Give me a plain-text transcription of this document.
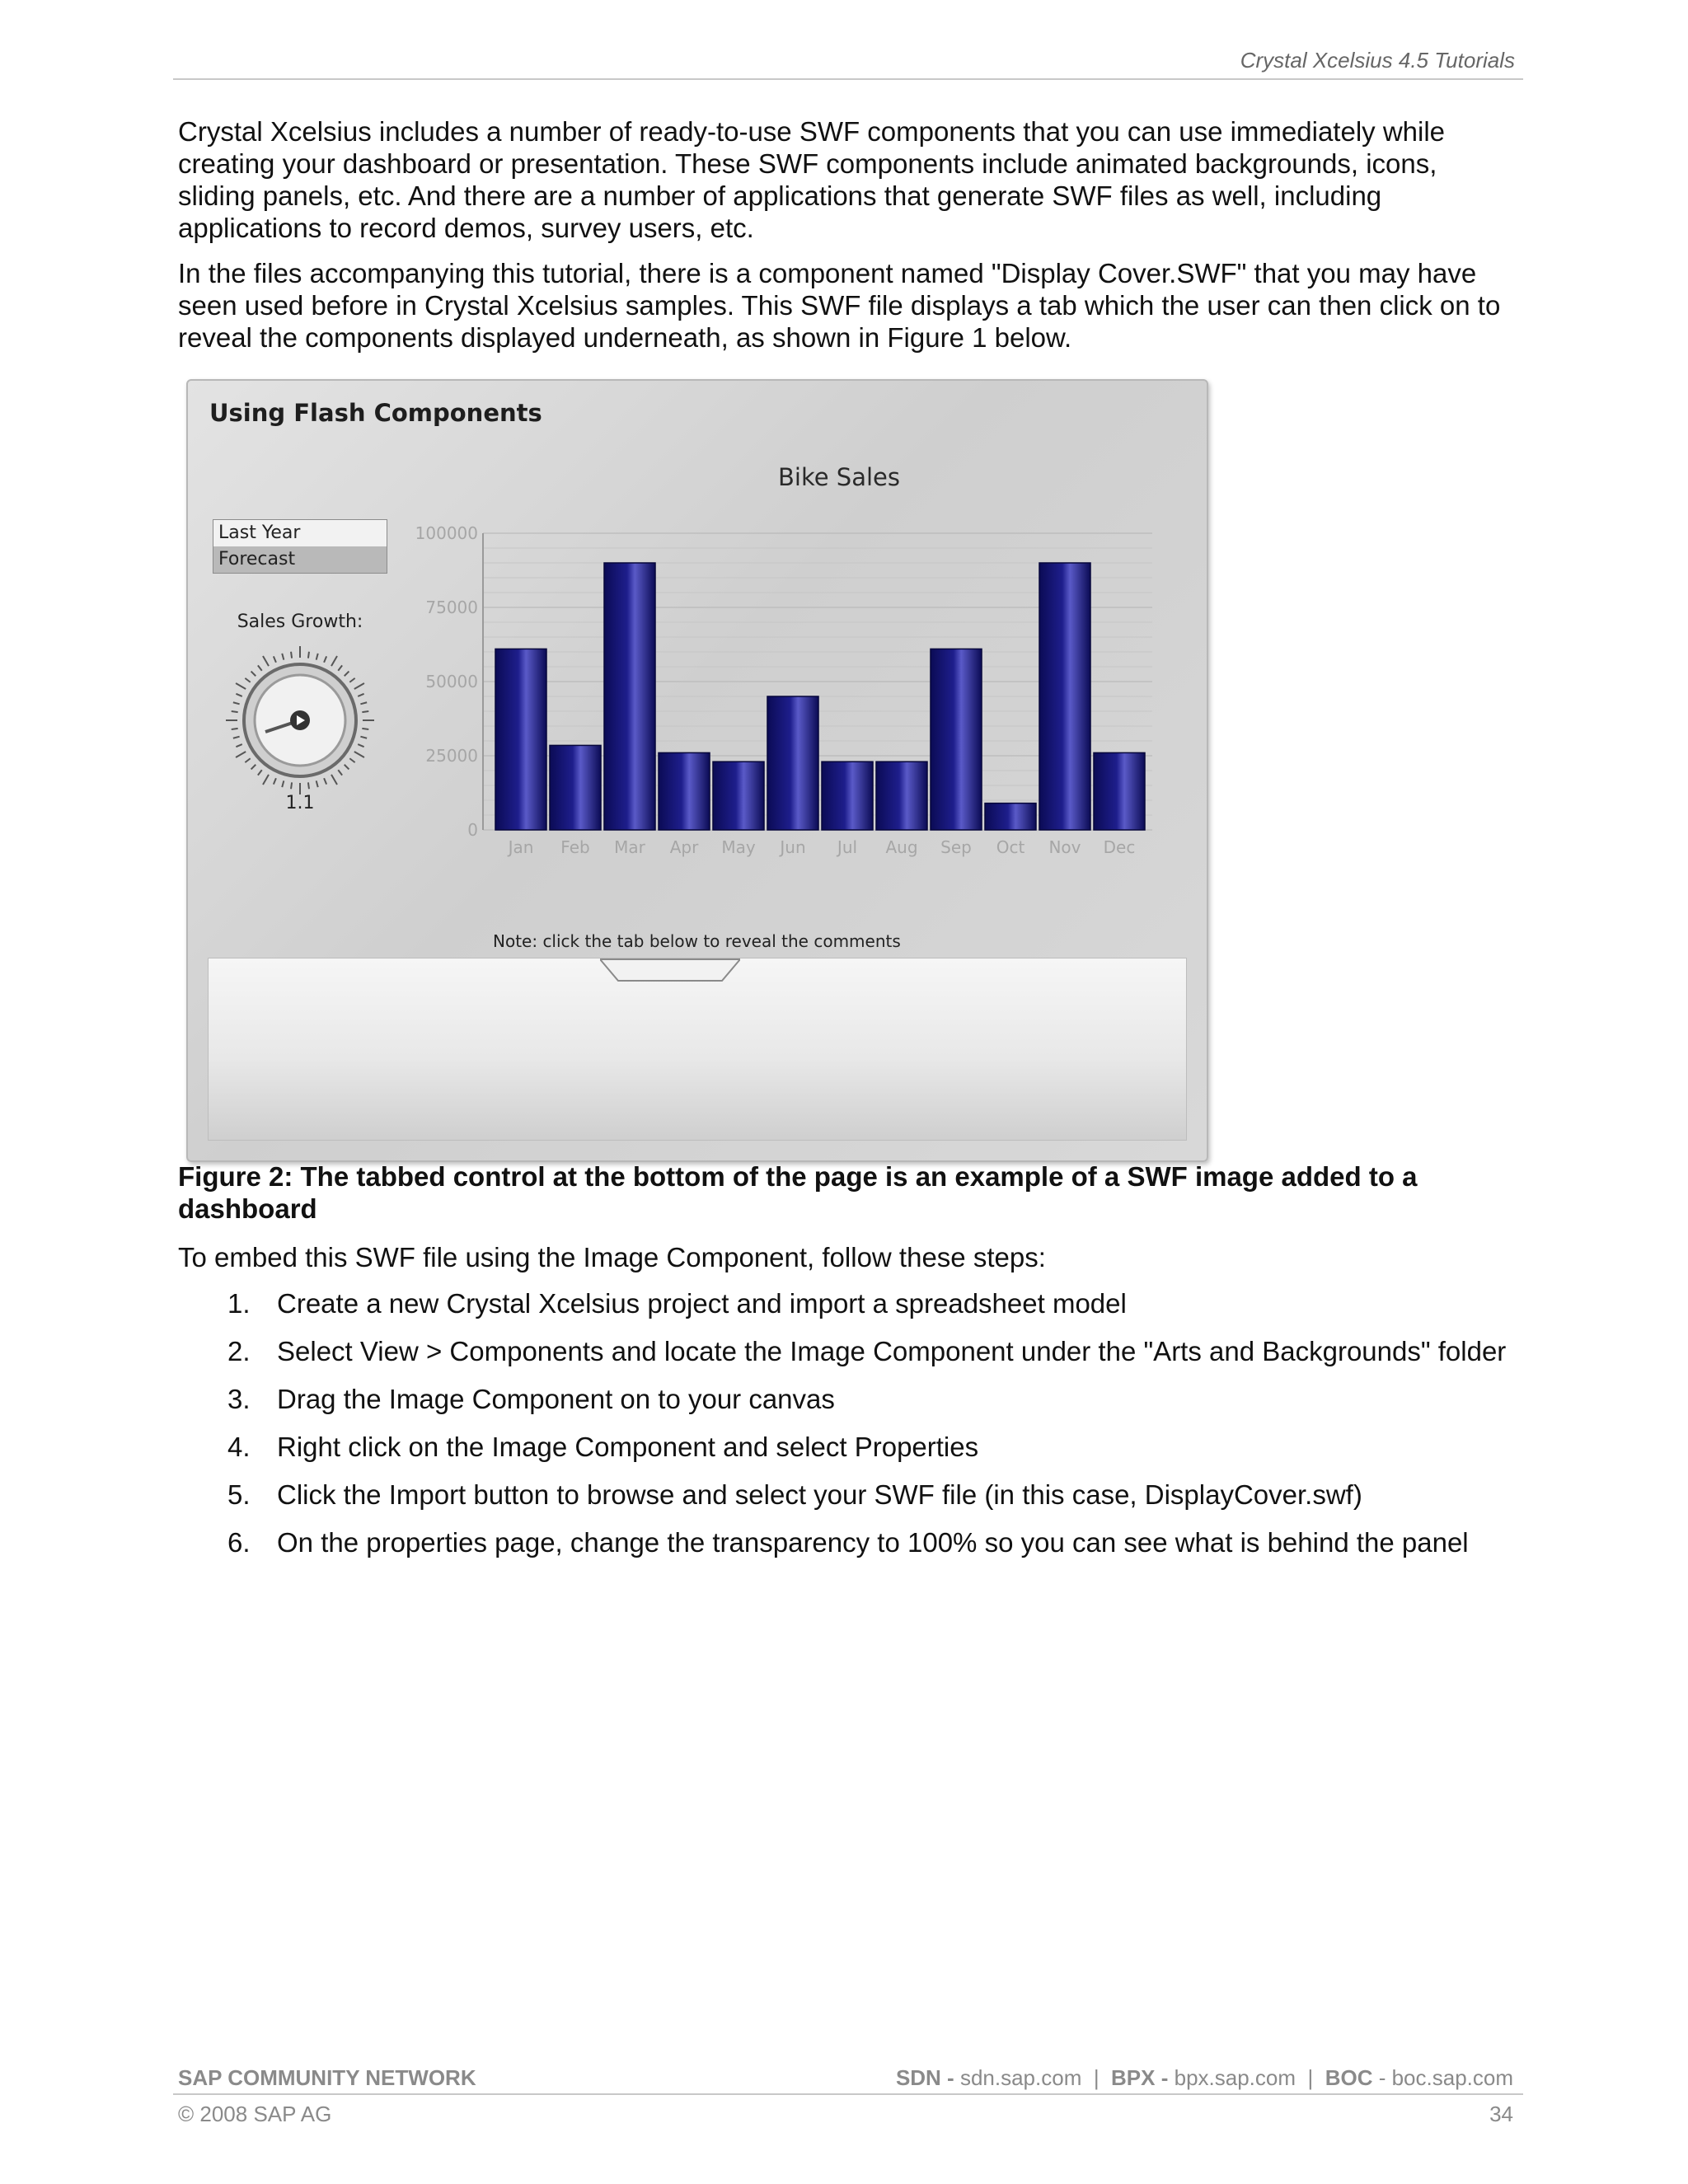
Crystal Xcelsius 4.5 Tutorials

Crystal Xcelsius includes a number of ready-to-use SWF components that you can use immediately while creating your dashboard or presentation. These SWF components include animated backgrounds, icons, sliding panels, etc. And there are a number of applications that generate SWF files as well, including applications to record demos, survey users, etc.

In the files accompanying this tutorial, there is a component named "Display Cover.SWF" that you may have seen used before in Crystal Xcelsius samples. This SWF file displays a tab which the user can then click on to reveal the components displayed underneath, as shown in Figure 1 below.

Using Flash Components
Bike Sales
Last Year
Forecast
Sales Growth:
1.1
0
25000
50000
75000
100000
Jan Feb Mar Apr May Jun Jul Aug Sep Oct Nov Dec
Note: click the tab below to reveal the comments
Figure 2: The tabbed control at the bottom of the page is an example of a SWF image added to a dashboard
To embed this SWF file using the Image Component, follow these steps:
1. Create a new Crystal Xcelsius project and import a spreadsheet model
2. Select View > Components and locate the Image Component under the "Arts and Backgrounds" folder
3. Drag the Image Component on to your canvas
4. Right click on the Image Component and select Properties
5. Click the Import button to browse and select your SWF file (in this case, DisplayCover.swf)
6. On the properties page, change the transparency to 100% so you can see what is behind the panel
SAP COMMUNITY NETWORK	SDN - sdn.sap.com | BPX - bpx.sap.com | BOC - boc.sap.com
© 2008 SAP AG	34
